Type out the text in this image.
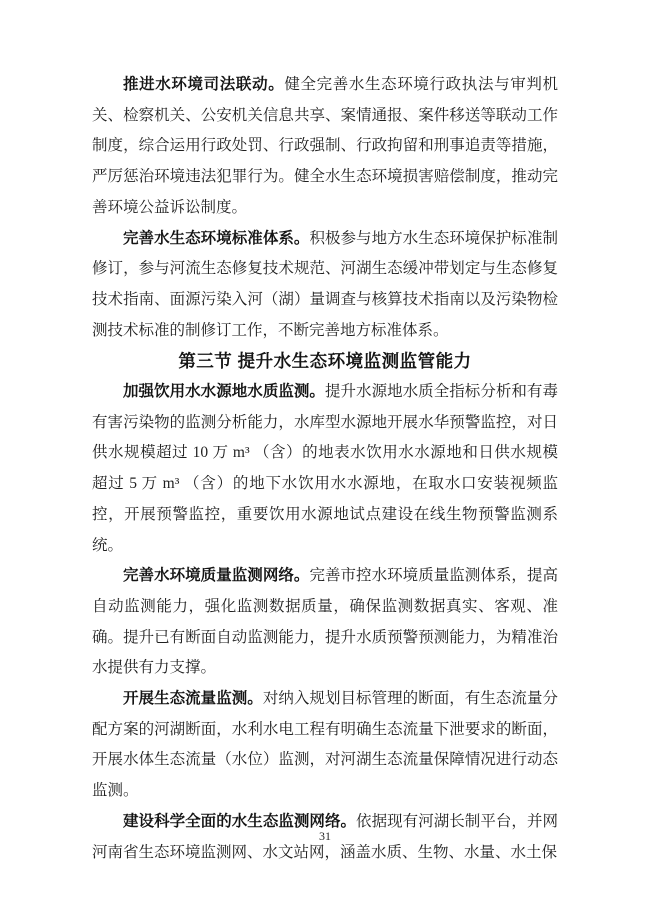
推进水环境司法联动。健全完善水生态环境行政执法与审判机关、检察机关、公安机关信息共享、案情通报、案件移送等联动工作制度，综合运用行政处罚、行政强制、行政拘留和刑事追责等措施，严厉惩治环境违法犯罪行为。健全水生态环境损害赔偿制度，推动完善环境公益诉讼制度。

完善水生态环境标准体系。积极参与地方水生态环境保护标准制修订，参与河流生态修复技术规范、河湖生态缓冲带划定与生态修复技术指南、面源污染入河（湖）量调查与核算技术指南以及污染物检测技术标准的制修订工作，不断完善地方标准体系。

第三节 提升水生态环境监测监管能力

加强饮用水水源地水质监测。提升水源地水质全指标分析和有毒有害污染物的监测分析能力，水库型水源地开展水华预警监控，对日供水规模超过 10 万 m³ （含）的地表水饮用水水源地和日供水规模超过 5 万 m³ （含）的地下水饮用水水源地，在取水口安装视频监控，开展预警监控，重要饮用水源地试点建设在线生物预警监测系统。

完善水环境质量监测网络。完善市控水环境质量监测体系，提高自动监测能力，强化监测数据质量，确保监测数据真实、客观、准确。提升已有断面自动监测能力，提升水质预警预测能力，为精准治水提供有力支撑。

开展生态流量监测。对纳入规划目标管理的断面，有生态流量分配方案的河湖断面，水利水电工程有明确生态流量下泄要求的断面，开展水体生态流量（水位）监测，对河湖生态流量保障情况进行动态监测。

建设科学全面的水生态监测网络。依据现有河湖长制平台，并网河南省生态环境监测网、水文站网，涵盖水质、生物、水量、水土保

31
